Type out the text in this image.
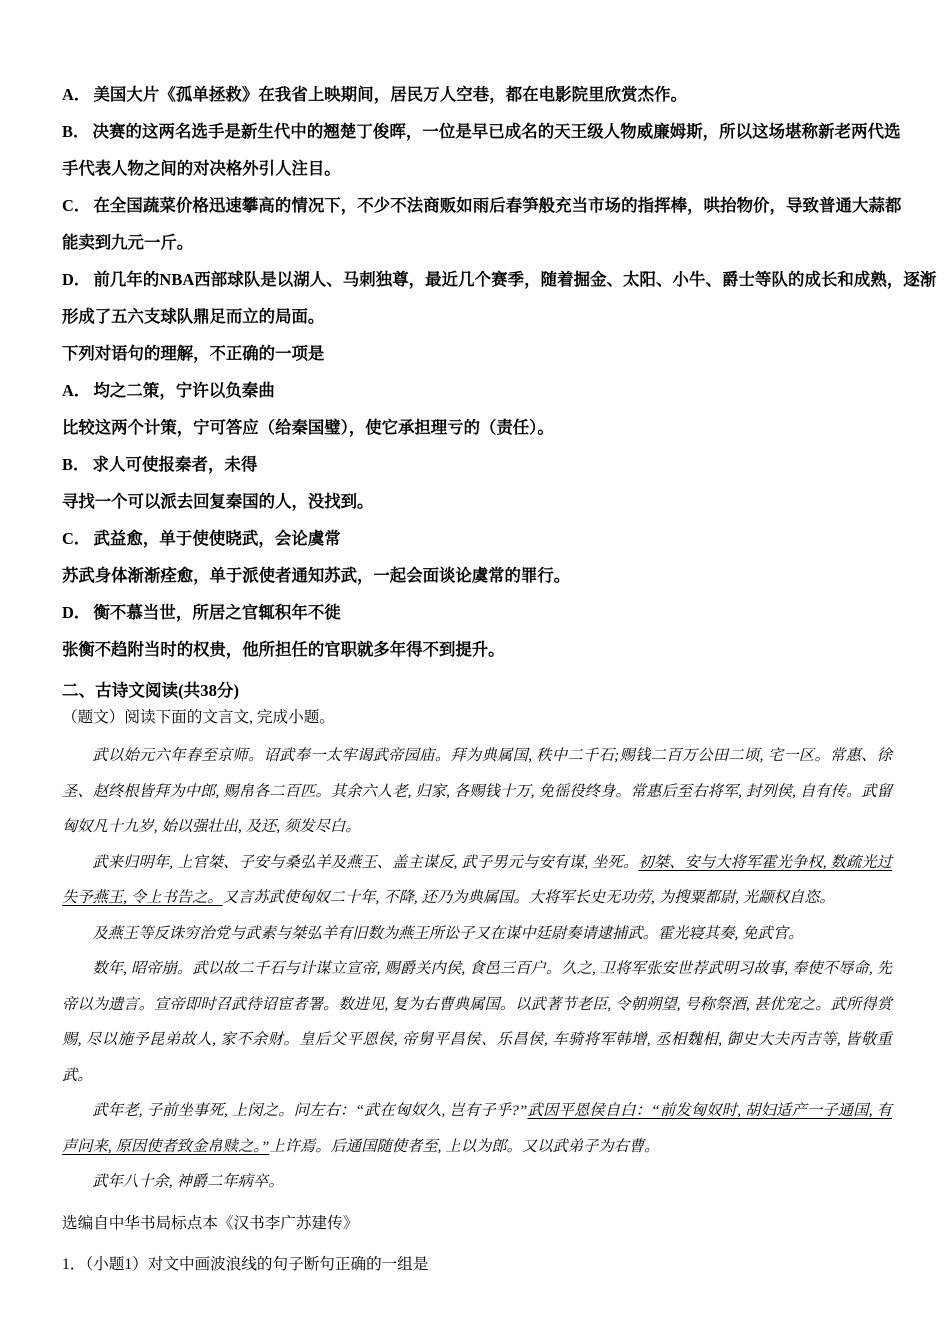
A． 美国大片《孤单拯救》在我省上映期间，居民万人空巷，都在电影院里欣赏杰作。
B． 决赛的这两名选手是新生代中的翘楚丁俊晖，一位是早已成名的天王级人物威廉姆斯，所以这场堪称新老两代选
手代表人物之间的对决格外引人注目。
C． 在全国蔬菜价格迅速攀高的情况下，不少不法商贩如雨后春笋般充当市场的指挥棒，哄抬物价，导致普通大蒜都
能卖到九元一斤。
D． 前几年的NBA西部球队是以湖人、马刺独尊，最近几个赛季，随着掘金、太阳、小牛、爵士等队的成长和成熟，逐渐
形成了五六支球队鼎足而立的局面。
下列对语句的理解，不正确的一项是
A． 均之二策，宁许以负秦曲
比较这两个计策，宁可答应（给秦国璧），使它承担理亏的（责任）。
B． 求人可使报秦者，未得
寻找一个可以派去回复秦国的人，没找到。
C． 武益愈，单于使使晓武，会论虞常
苏武身体渐渐痊愈，单于派使者通知苏武，一起会面谈论虞常的罪行。
D． 衡不慕当世，所居之官辄积年不徙
张衡不趋附当时的权贵，他所担任的官职就多年得不到提升。
二、古诗文阅读(共38分)
（题文）阅读下面的文言文, 完成小题。

武以始元六年春至京师。诏武奉一太牢谒武帝园庙。拜为典属国, 秩中二千石;赐钱二百万公田二顷, 宅一区。常惠、徐圣、赵终根皆拜为中郎, 赐帛各二百匹。其余六人老, 归家, 各赐钱十万, 免徭役终身。常惠后至右将军, 封列侯, 自有传。武留匈奴凡十九岁, 始以强壮出, 及还, 须发尽白。

武来归明年, 上官桀、子安与桑弘羊及燕王、盖主谋反, 武子男元与安有谋, 坐死。初桀、安与大将军霍光争权, 数疏光过失予燕王, 令上书告之。又言苏武使匈奴二十年, 不降, 还乃为典属国。大将军长史无功劳, 为搜粟都尉, 光颛权自恣。

及燕王等反诛穷治党与武素与桀弘羊有旧数为燕王所讼子又在谋中廷尉奏请逮捕武。霍光寝其奏, 免武官。

数年, 昭帝崩。武以故二千石与计谋立宣帝, 赐爵关内侯, 食邑三百户。久之, 卫将军张安世荐武明习故事, 奉使不辱命, 先帝以为遗言。宣帝即时召武待诏宦者署。数进见, 复为右曹典属国。以武著节老臣, 令朝朔望, 号称祭酒, 甚优宠之。武所得赏赐, 尽以施予昆弟故人, 家不余财。皇后父平恩侯, 帝舅平昌侯、乐昌侯, 车骑将军韩增, 丞相魏相, 御史大夫丙吉等, 皆敬重武。

武年老, 子前坐事死, 上闵之。问左右：“武在匈奴久, 岂有子乎?”武因平恩侯自白：“前发匈奴时, 胡妇适产一子通国, 有声问来, 原因使者致金帛赎之。”上许焉。后通国随使者至, 上以为郎。又以武弟子为右曹。

武年八十余, 神爵二年病卒。

选编自中华书局标点本《汉书李广苏建传》
1．（小题1）对文中画波浪线的句子断句正确的一组是
